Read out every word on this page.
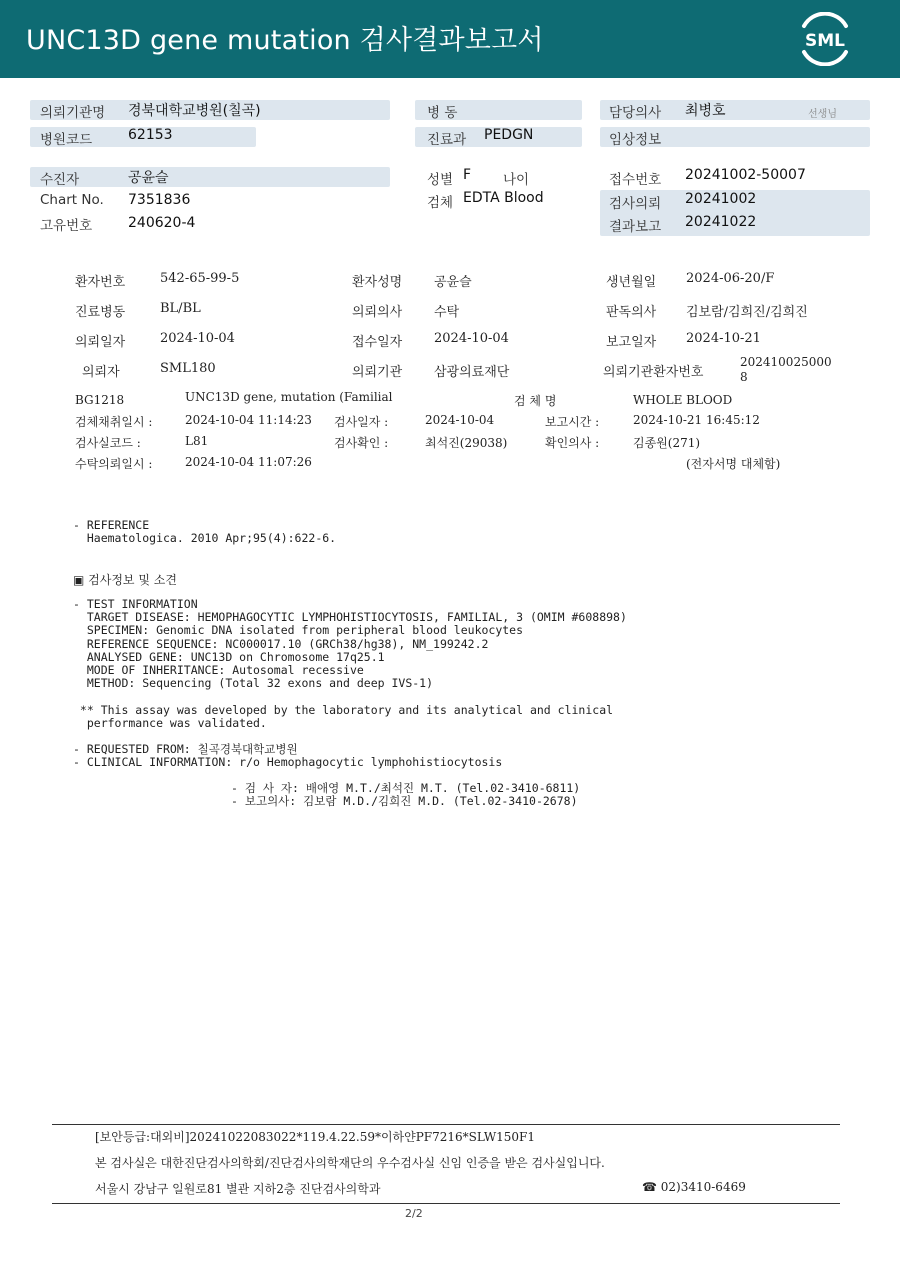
UNC13D gene mutation 검사결과보고서	SML
의뢰기관명 경북대학교병원(칠곡)
병원코드	62153
병 동
진료과 PEDGN
담당의사 최병호	선생님
임상정보
수진자	공윤슬
Chart No. 7351836
고유번호	240620-4
성별 F 나이
검체 EDTA Blood
접수번호 20241002-50007
검사의뢰 20241002
결과보고 20241022
환자번호	542-65-99-5	환자성명 공윤슬	생년월일 2024-06-20/F
진료병동	BL/BL	의뢰의사 수탁	판독의사 김보람/김희진/김희진
의뢰일자	2024-10-04	접수일자 2024-10-04	보고일자 2024-10-21
의뢰자	SML180	의뢰기관 삼광의료재단	의뢰기관환자번호
202410025000
8
BG1218	UNC13D gene, mutation (Familial	검 체 명	WHOLE BLOOD
검체채취일시 :	2024-10-04 11:14:23 검사일자 :	2024-10-04	보고시간 :	2024-10-21 16:45:12
검사실코드 :	L81	검사확인 :	최석진(29038)	확인의사 :	김종원(271)
수탁의뢰일시 :	2024-10-04 11:07:26	(전자서명 대체함)
- REFERENCE
Haematologica. 2010 Apr;95(4):622-6.
▣ 검사정보 및 소견
- TEST INFORMATION
TARGET DISEASE: HEMOPHAGOCYTIC LYMPHOHISTIOCYTOSIS, FAMILIAL, 3 (OMIM #608898)
SPECIMEN: Genomic DNA isolated from peripheral blood leukocytes
REFERENCE SEQUENCE: NC000017.10 (GRCh38/hg38), NM_199242.2
ANALYSED GENE: UNC13D on Chromosome 17q25.1
MODE OF INHERITANCE: Autosomal recessive
METHOD: Sequencing (Total 32 exons and deep IVS-1)
** This assay was developed by the laboratory and its analytical and clinical
performance was validated.
- REQUESTED FROM: 칠곡경북대학교병원
- CLINICAL INFORMATION: r/o Hemophagocytic lymphohistiocytosis
- 검 사 자: 배애영 M.T./최석진 M.T. (Tel.02-3410-6811)
- 보고의사: 김보람 M.D./김희진 M.D. (Tel.02-3410-2678)
[보안등급:대외비]20241022083022*119.4.22.59*이하얀PF7216*SLW150F1
본 검사실은 대한진단검사의학회/진단검사의학재단의 우수검사실 신임 인증을 받은 검사실입니다.
서울시 강남구 일원로81 별관 지하2층 진단검사의학과	☎ 02)3410-6469
2/2
